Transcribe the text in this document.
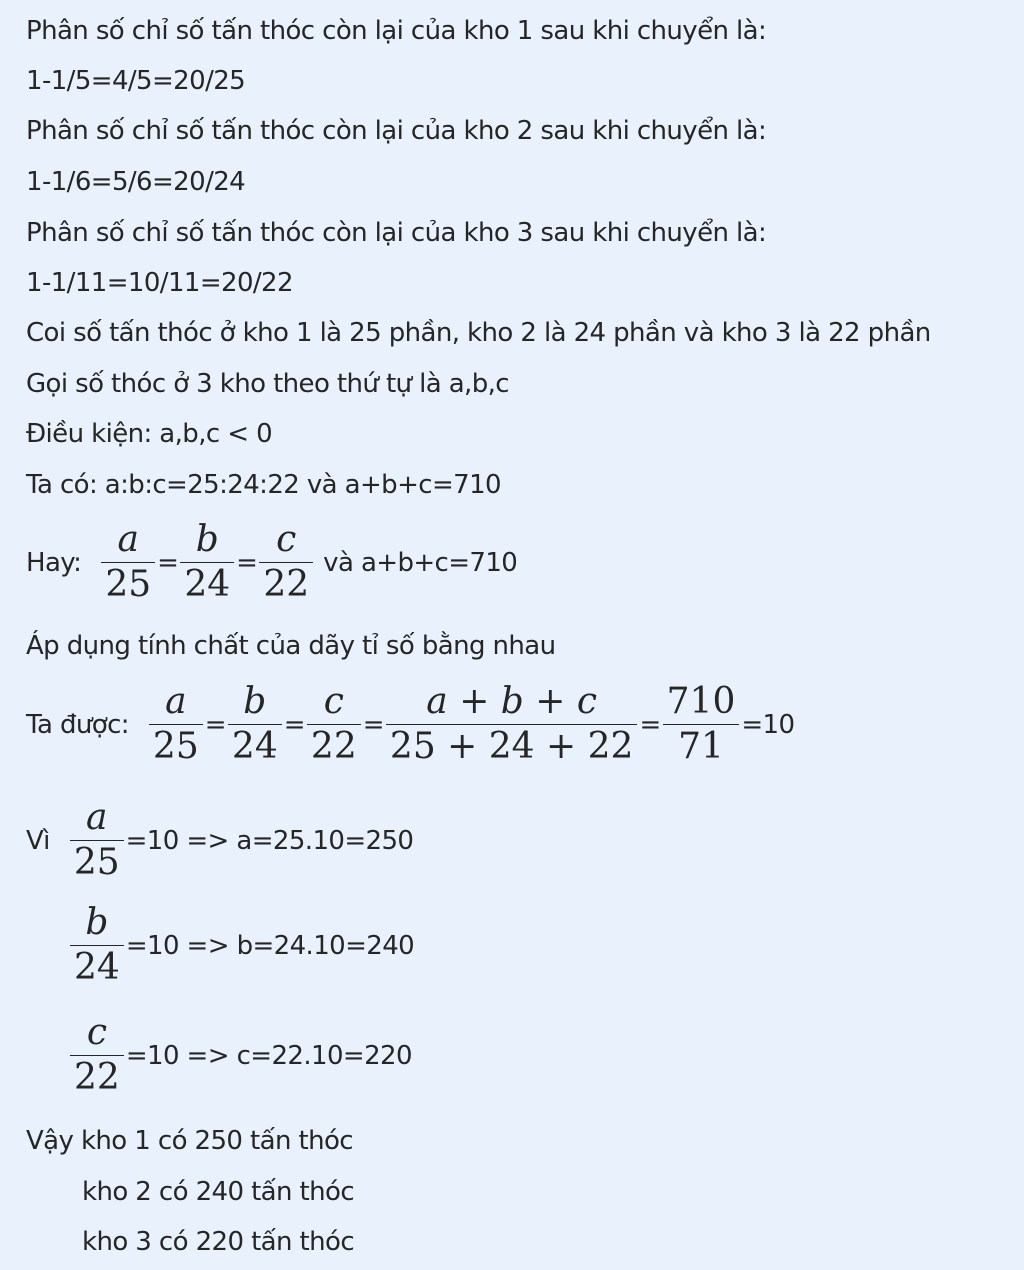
Phân số chỉ số tấn thóc còn lại của kho 1 sau khi chuyển là:
1-1/5=4/5=20/25
Phân số chỉ số tấn thóc còn lại của kho 2 sau khi chuyển là:
1-1/6=5/6=20/24
Phân số chỉ số tấn thóc còn lại của kho 3 sau khi chuyển là:
1-1/11=10/11=20/22
Coi số tấn thóc ở kho 1 là 25 phần, kho 2 là 24 phần và kho 3 là 22 phần
Gọi số thóc ở 3 kho theo thứ tự là a,b,c
Điều kiện: a,b,c < 0
Ta có: a:b:c=25:24:22 và a+b+c=710
Hay: $\frac{a}{25} = \frac{b}{24} = \frac{c}{22}$ và a+b+c=710
Áp dụng tính chất của dãy tỉ số bằng nhau
Ta được: $\frac{a}{25} = \frac{b}{24} = \frac{c}{22} = \frac{a + b + c}{25 + 24 + 22} = \frac{710}{71} =10$
Vì $\frac{a}{25} =10 => a=25.10=250$
$\frac{b}{24} =10 => b=24.10=240$
$\frac{c}{22} =10 => c=22.10=220$
Vậy kho 1 có 250 tấn thóc
kho 2 có 240 tấn thóc
kho 3 có 220 tấn thóc
